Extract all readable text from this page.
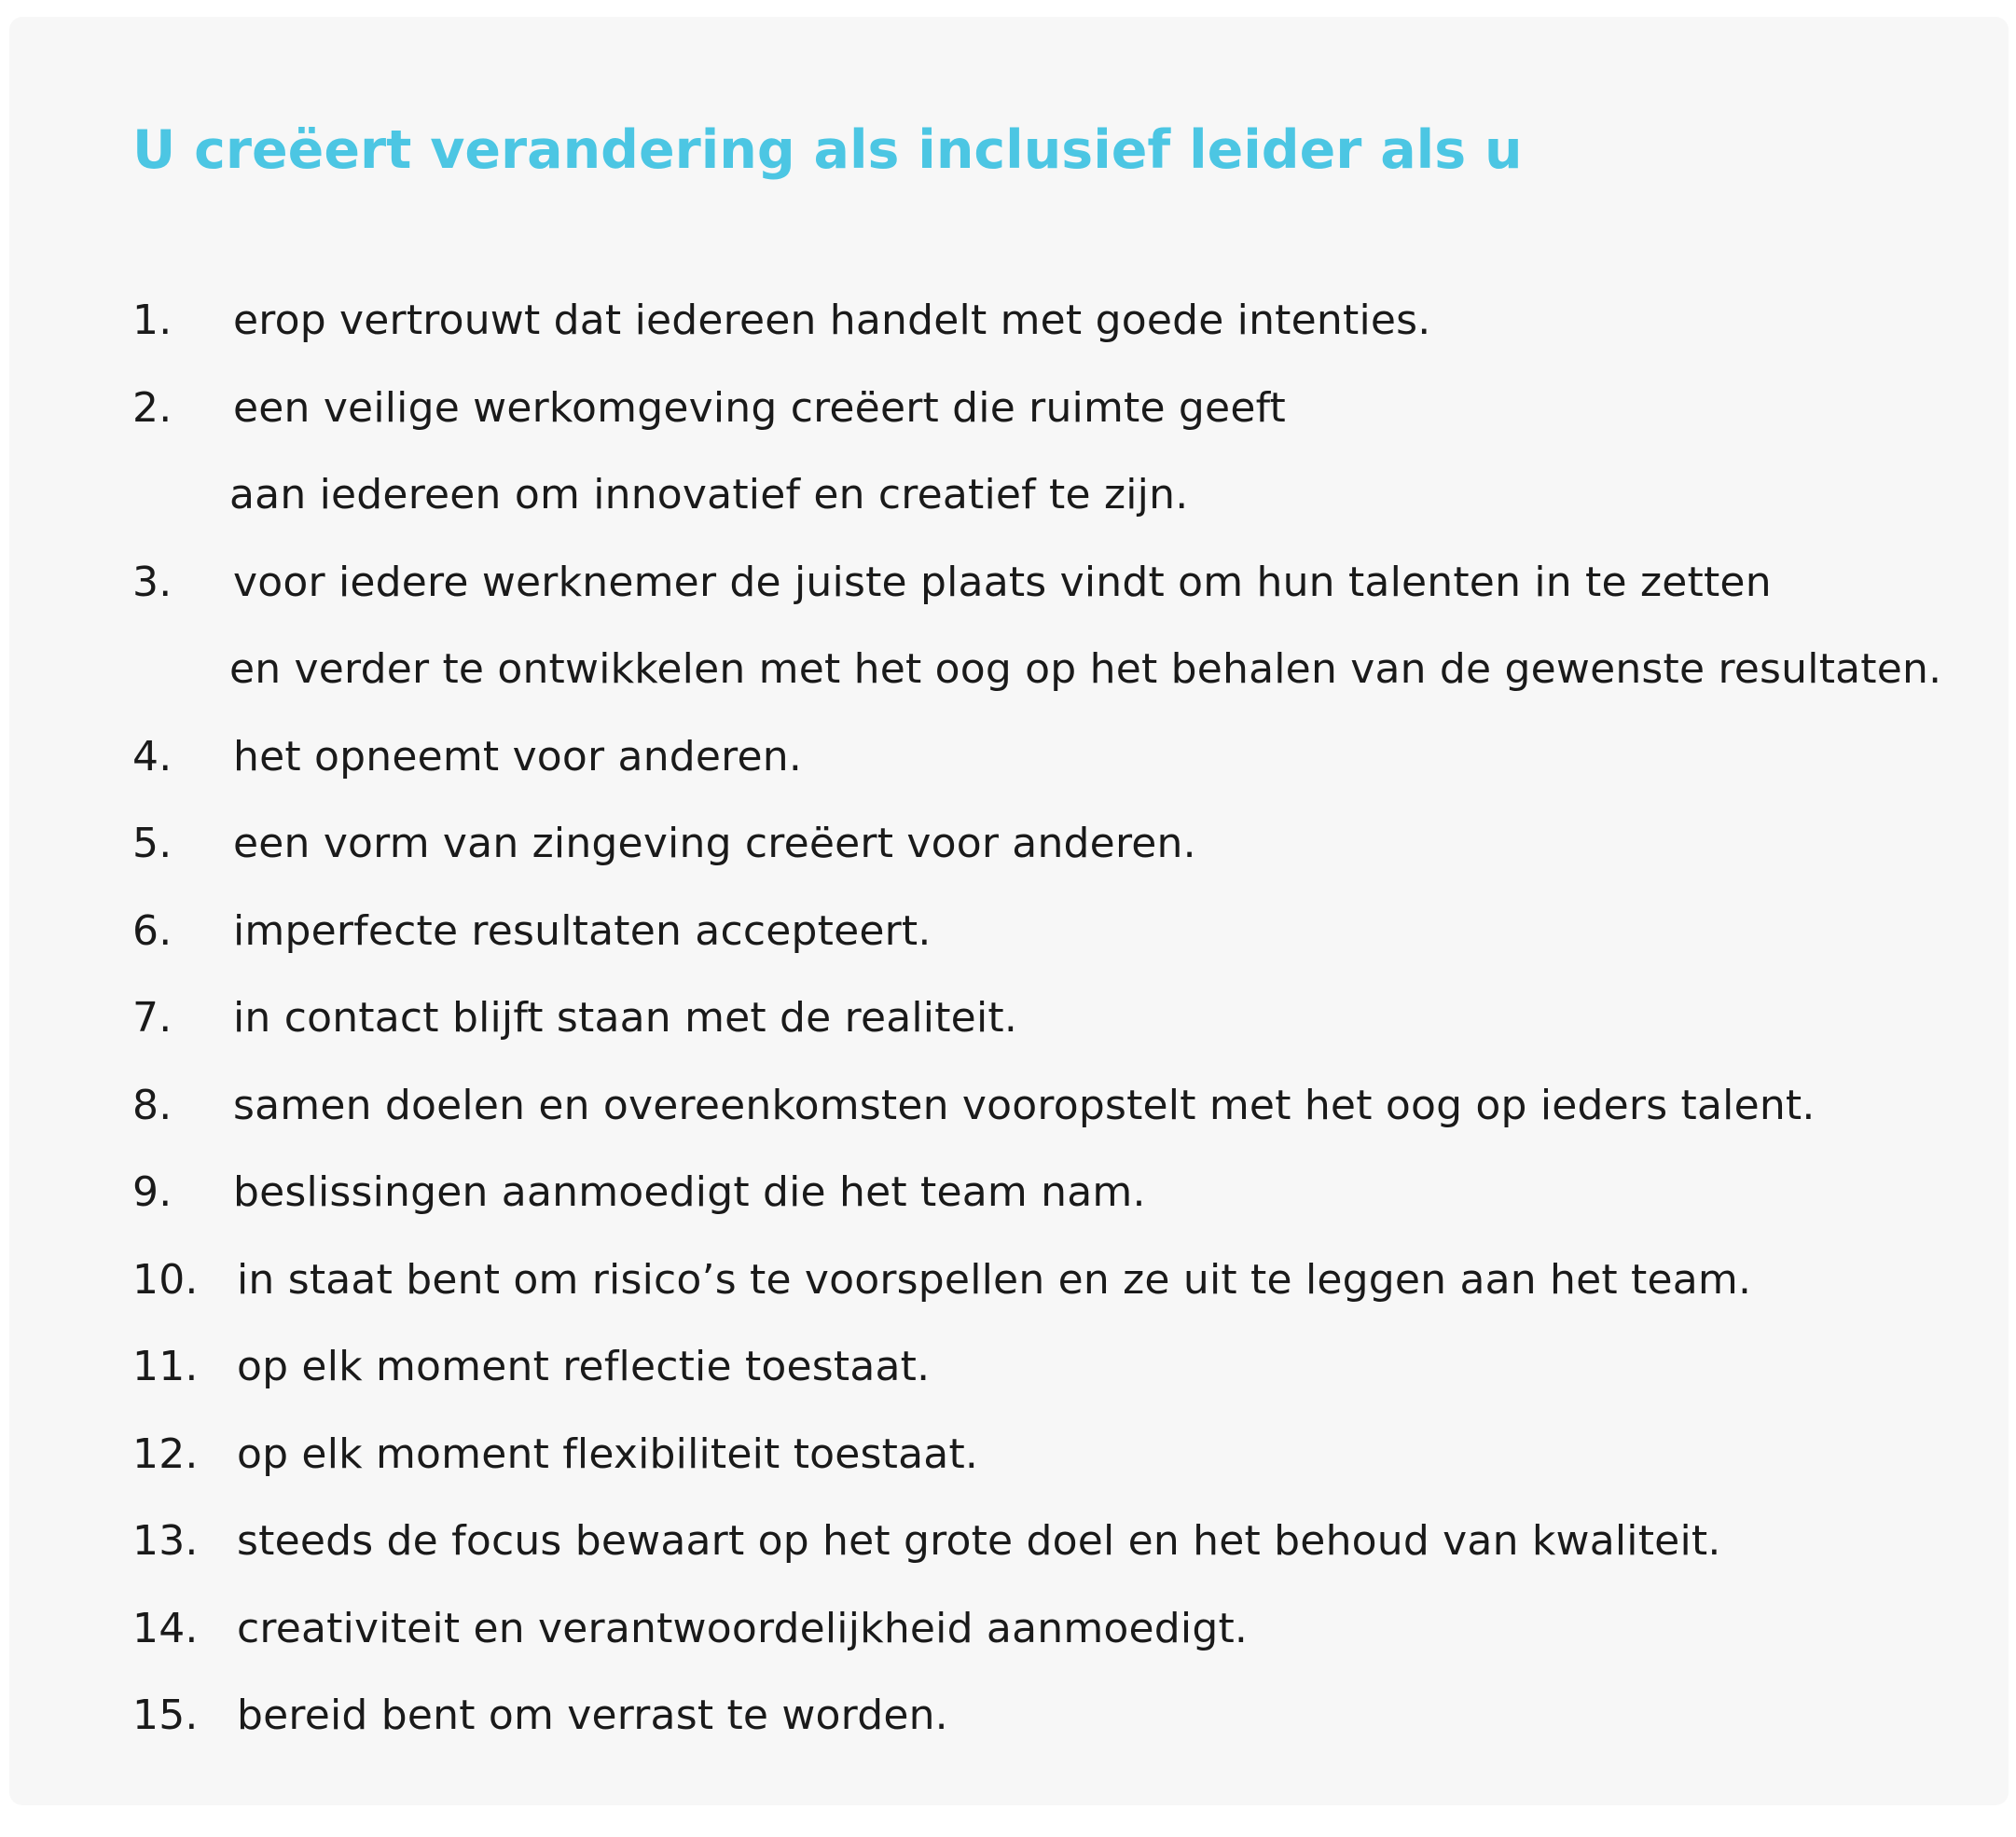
U creëert verandering als inclusief leider als u
1. erop vertrouwt dat iedereen handelt met goede intenties.
2. een veilige werkomgeving creëert die ruimte geeft
aan iedereen om innovatief en creatief te zijn.
3. voor iedere werknemer de juiste plaats vindt om hun talenten in te zetten
en verder te ontwikkelen met het oog op het behalen van de gewenste resultaten.
4. het opneemt voor anderen.
5. een vorm van zingeving creëert voor anderen.
6. imperfecte resultaten accepteert.
7. in contact blijft staan met de realiteit.
8. samen doelen en overeenkomsten vooropstelt met het oog op ieders talent.
9. beslissingen aanmoedigt die het team nam.
10. in staat bent om risico’s te voorspellen en ze uit te leggen aan het team.
11. op elk moment reflectie toestaat.
12. op elk moment flexibiliteit toestaat.
13. steeds de focus bewaart op het grote doel en het behoud van kwaliteit.
14. creativiteit en verantwoordelijkheid aanmoedigt.
15. bereid bent om verrast te worden.
